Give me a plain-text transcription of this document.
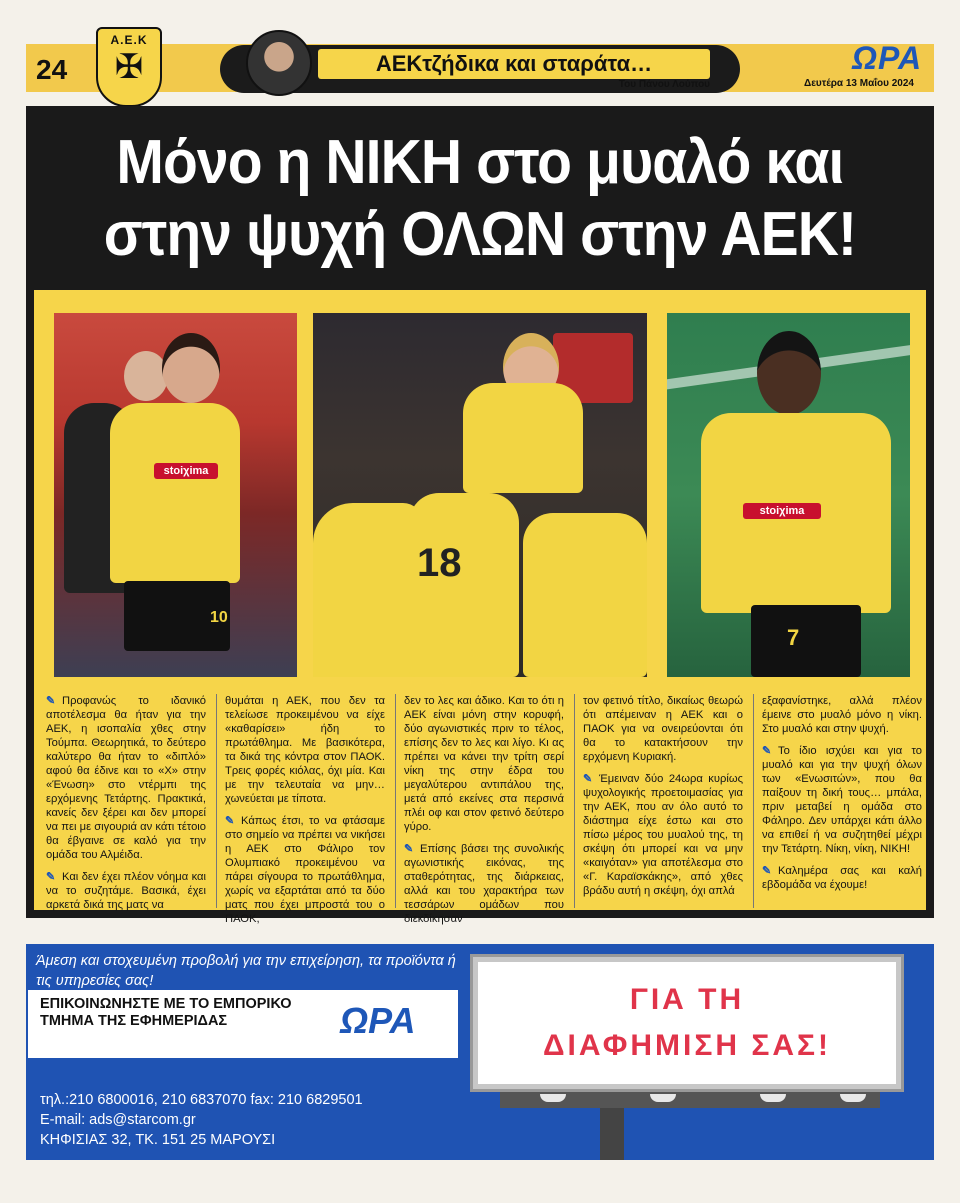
24
Α.Ε.Κ
✠	ΑΕΚτζήδικα και σταράτα…
Του Πάνου Λούπου
ΩΡΑ
Δευτέρα 13 Μαΐου 2024
Μόνο η ΝΙΚΗ στο μυαλό και
στην ψυχή ΟΛΩΝ στην ΑΕΚ!
stoiχima
10
18
stoiχima
7

✎ Προφανώς το ιδανικό αποτέλεσμα θα ήταν για την ΑΕΚ, η ισοπαλία χθες στην Τούμπα. Θεωρητικά, το δεύτερο καλύτερο θα ήταν το «διπλό» αφού θα έδινε και το «Χ» στην «Ένωση» στο ντέρμπι της ερχόμενης Τετάρτης. Πρακτικά, κανείς δεν ξέρει και δεν μπορεί να πει με σιγουριά αν κάτι τέτοιο θα έβγαινε σε καλό για την ομάδα του Αλμέιδα.

✎ Και δεν έχει πλέον νόημα και να το συζητάμε. Βασικά, έχει αρκετά δικά της ματς να

θυμάται η ΑΕΚ, που δεν τα τελείωσε προκειμένου να είχε «καθαρίσει» ήδη το πρωτάθλημα. Με βασικότερα, τα δικά της κόντρα στον ΠΑΟΚ. Τρεις φορές κιόλας, όχι μία. Και με την τελευταία να μην… χωνεύεται με τίποτα.

✎ Κάπως έτσι, το να φτάσαμε στο σημείο να πρέπει να νικήσει η ΑΕΚ στο Φάλιρο τον Ολυμπιακό προκειμένου να πάρει σίγουρα το πρωτάθλημα, χωρίς να εξαρτάται από τα δύο ματς που έχει μπροστά του ο ΠΑΟΚ,

δεν το λες και άδικο. Και το ότι η ΑΕΚ είναι μόνη στην κορυφή, δύο αγωνιστικές πριν το τέλος, επίσης δεν το λες και λίγο. Κι ας πρέπει να κάνει την τρίτη σερί νίκη της στην έδρα του μεγαλύτερου αντιπάλου της, μετά από εκείνες στα περσινά πλέι οφ και στον φετινό δεύτερο γύρο.

✎ Επίσης βάσει της συνολικής αγωνιστικής εικόνας, της σταθερότητας, της διάρκειας, αλλά και του χαρακτήρα των τεσσάρων ομάδων που διεκδίκησαν

τον φετινό τίτλο, δικαίως θεωρώ ότι απέμειναν η ΑΕΚ και ο ΠΑΟΚ για να ονειρεύονται ότι θα το κατακτήσουν την ερχόμενη Κυριακή.

✎ Έμειναν δύο 24ωρα κυρίως ψυχολογικής προετοιμασίας για την ΑΕΚ, που αν όλο αυτό το διάστημα είχε έστω και στο πίσω μέρος του μυαλού της, τη σκέψη ότι μπορεί και να μην «καιγόταν» για αποτέλεσμα στο «Γ. Καραϊσκάκης», από χθες βράδυ αυτή η σκέψη, όχι απλά

εξαφανίστηκε, αλλά πλέον έμεινε στο μυαλό μόνο η νίκη. Στο μυαλό και στην ψυχή.

✎ Το ίδιο ισχύει και για το μυαλό και για την ψυχή όλων των «Ενωσιτών», που θα παίξουν τη δική τους… μπάλα, πριν μεταβεί η ομάδα στο Φάληρο. Δεν υπάρχει κάτι άλλο να επιθεί ή να συζητηθεί μέχρι την Τετάρτη. Νίκη, νίκη, ΝΙΚΗ!

✎ Καλημέρα σας και καλή εβδομάδα να έχουμε!

Άμεση και στοχευμένη προβολή για την επιχείρηση, τα προϊόντα ή τις υπηρεσίες σας!
ΕΠΙΚΟΙΝΩΝΗΣΤΕ ΜΕ ΤΟ ΕΜΠΟΡΙΚΟ ΤΜΗΜΑ ΤΗΣ ΕΦΗΜΕΡΙΔΑΣ	ΩΡΑ
τηλ.:210 6800016, 210 6837070 fax: 210 6829501
E-mail: ads@starcom.gr
ΚΗΦΙΣΙΑΣ 32, ΤΚ. 151 25 ΜΑΡΟΥΣΙ
ΓΙΑ ΤΗ
ΔΙΑΦΗΜΙΣΗ ΣΑΣ!
